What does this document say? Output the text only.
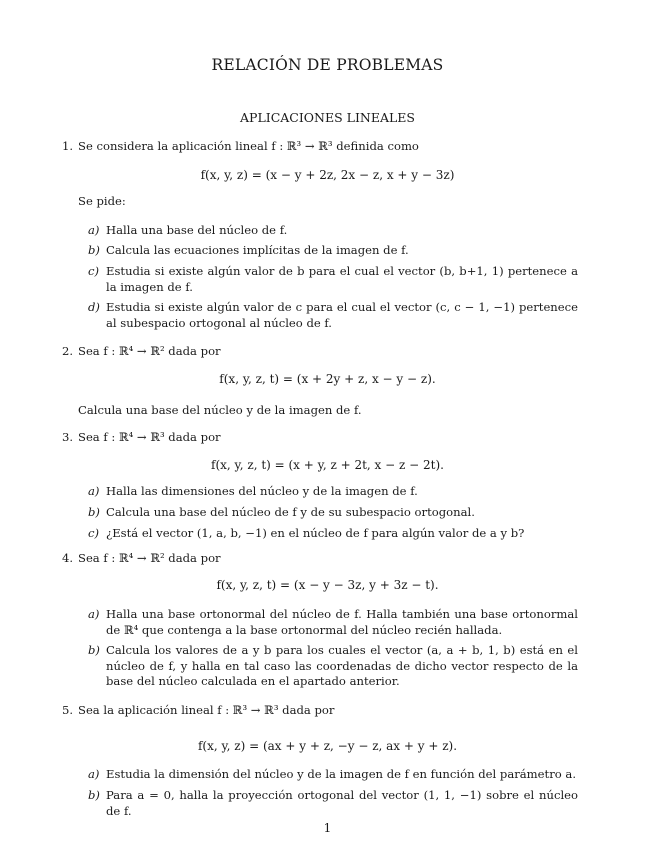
RELACIÓN DE PROBLEMAS
APLICACIONES LINEALES
1. Se considera la aplicación lineal f : ℝ³ → ℝ³ definida como
f(x, y, z) = (x − y + 2z, 2x − z, x + y − 3z)
Se pide:
a) Halla una base del núcleo de f.
b) Calcula las ecuaciones implícitas de la imagen de f.
c) Estudia si existe algún valor de b para el cual el vector (b, b+1, 1) pertenece a la imagen de f.
d) Estudia si existe algún valor de c para el cual el vector (c, c − 1, −1) pertenece al subespacio ortogonal al núcleo de f.
2. Sea f : ℝ⁴ → ℝ² dada por
f(x, y, z, t) = (x + 2y + z, x − y − z).
Calcula una base del núcleo y de la imagen de f.
3. Sea f : ℝ⁴ → ℝ³ dada por
f(x, y, z, t) = (x + y, z + 2t, x − z − 2t).
a) Halla las dimensiones del núcleo y de la imagen de f.
b) Calcula una base del núcleo de f y de su subespacio ortogonal.
c) ¿Está el vector (1, a, b, −1) en el núcleo de f para algún valor de a y b?
4. Sea f : ℝ⁴ → ℝ² dada por
f(x, y, z, t) = (x − y − 3z, y + 3z − t).
a) Halla una base ortonormal del núcleo de f. Halla también una base ortonormal de ℝ⁴ que contenga a la base ortonormal del núcleo recién hallada.
b) Calcula los valores de a y b para los cuales el vector (a, a + b, 1, b) está en el núcleo de f, y halla en tal caso las coordenadas de dicho vector respecto de la base del núcleo calculada en el apartado anterior.
5. Sea la aplicación lineal f : ℝ³ → ℝ³ dada por
f(x, y, z) = (ax + y + z, −y − z, ax + y + z).
a) Estudia la dimensión del núcleo y de la imagen de f en función del parámetro a.
b) Para a = 0, halla la proyección ortogonal del vector (1, 1, −1) sobre el núcleo de f.
1
